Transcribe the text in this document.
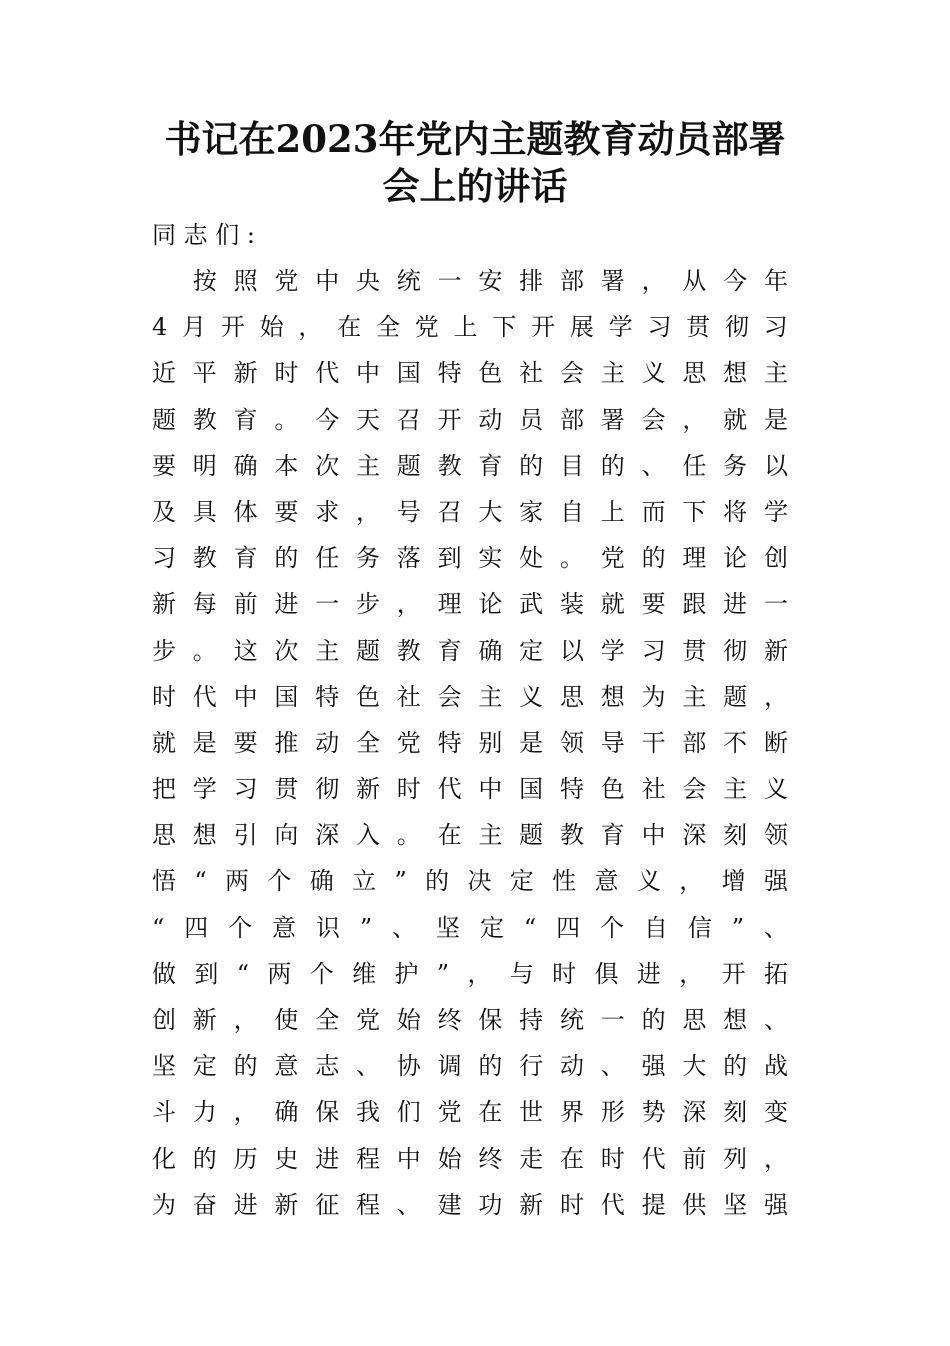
书记在2023年党内主题教育动员部署
会上的讲话
同 志 们 :

按 照 党 中 央 统 一 安 排 部 署 ， 从 今 年
4 月 开 始 ， 在 全 党 上 下 开 展 学 习 贯 彻 习
近 平 新 时 代 中 国 特 色 社 会 主 义 思 想 主
题 教 育 。 今 天 召 开 动 员 部 署 会 ， 就 是
要 明 确 本 次 主 题 教 育 的 目 的 、 任 务 以
及 具 体 要 求 ， 号 召 大 家 自 上 而 下 将 学
习 教 育 的 任 务 落 到 实 处 。 党 的 理 论 创
新 每 前 进 一 步 ， 理 论 武 装 就 要 跟 进 一
步 。 这 次 主 题 教 育 确 定 以 学 习 贯 彻 新
时 代 中 国 特 色 社 会 主 义 思 想 为 主 题 ，
就 是 要 推 动 全 党 特 别 是 领 导 干 部 不 断
把 学 习 贯 彻 新 时 代 中 国 特 色 社 会 主 义
思 想 引 向 深 入 。 在 主 题 教 育 中 深 刻 领
悟 “ 两 个 确 立 ” 的 决 定 性 意 义 ， 增 强
“ 四 个 意 识 ” 、 坚 定 “ 四 个 自 信 ” 、
做 到 “ 两 个 维 护 ” ， 与 时 俱 进 ， 开 拓
创 新 ， 使 全 党 始 终 保 持 统 一 的 思 想 、
坚 定 的 意 志 、 协 调 的 行 动 、 强 大 的 战
斗 力 ， 确 保 我 们 党 在 世 界 形 势 深 刻 变
化 的 历 史 进 程 中 始 终 走 在 时 代 前 列 ，
为 奋 进 新 征 程 、 建 功 新 时 代 提 供 坚 强
